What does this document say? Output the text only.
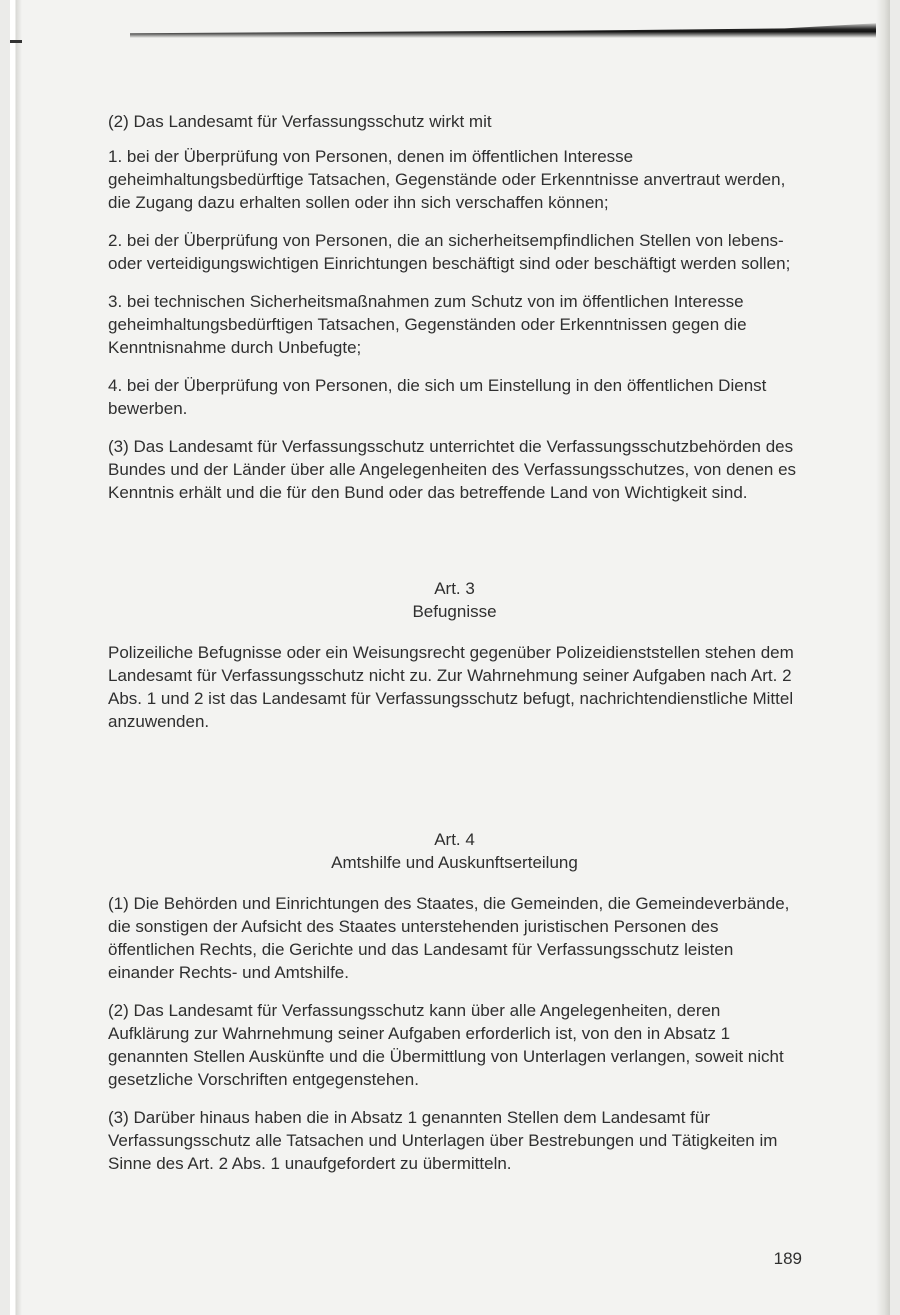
(2) Das Landesamt für Verfassungsschutz wirkt mit

1. bei der Überprüfung von Personen, denen im öffentlichen Interesse geheimhaltungsbedürftige Tatsachen, Gegenstände oder Erkenntnisse anvertraut werden, die Zugang dazu erhalten sollen oder ihn sich verschaffen können;

2. bei der Überprüfung von Personen, die an sicherheitsempfindlichen Stellen von lebens- oder verteidigungswichtigen Einrichtungen beschäftigt sind oder beschäftigt werden sollen;

3. bei technischen Sicherheitsmaßnahmen zum Schutz von im öffentlichen Interesse geheimhaltungsbedürftigen Tatsachen, Gegenständen oder Erkenntnissen gegen die Kenntnisnahme durch Unbefugte;

4. bei der Überprüfung von Personen, die sich um Einstellung in den öffentlichen Dienst bewerben.

(3) Das Landesamt für Verfassungsschutz unterrichtet die Verfassungsschutzbehörden des Bundes und der Länder über alle Angelegenheiten des Verfassungsschutzes, von denen es Kenntnis erhält und die für den Bund oder das betreffende Land von Wichtigkeit sind.

Art. 3

Befugnisse

Polizeiliche Befugnisse oder ein Weisungsrecht gegenüber Polizeidienststellen stehen dem Landesamt für Verfassungsschutz nicht zu. Zur Wahrnehmung seiner Aufgaben nach Art. 2 Abs. 1 und 2 ist das Landesamt für Verfassungsschutz befugt, nachrichtendienstliche Mittel anzuwenden.

Art. 4

Amtshilfe und Auskunftserteilung

(1) Die Behörden und Einrichtungen des Staates, die Gemeinden, die Gemeindeverbände, die sonstigen der Aufsicht des Staates unterstehenden juristischen Personen des öffentlichen Rechts, die Gerichte und das Landesamt für Verfassungsschutz leisten einander Rechts- und Amtshilfe.

(2) Das Landesamt für Verfassungsschutz kann über alle Angelegenheiten, deren Aufklärung zur Wahrnehmung seiner Aufgaben erforderlich ist, von den in Absatz 1 genannten Stellen Auskünfte und die Übermittlung von Unterlagen verlangen, soweit nicht gesetzliche Vorschriften entgegenstehen.

(3) Darüber hinaus haben die in Absatz 1 genannten Stellen dem Landesamt für Verfassungsschutz alle Tatsachen und Unterlagen über Bestrebungen und Tätigkeiten im Sinne des Art. 2 Abs. 1 unaufgefordert zu übermitteln.

189
